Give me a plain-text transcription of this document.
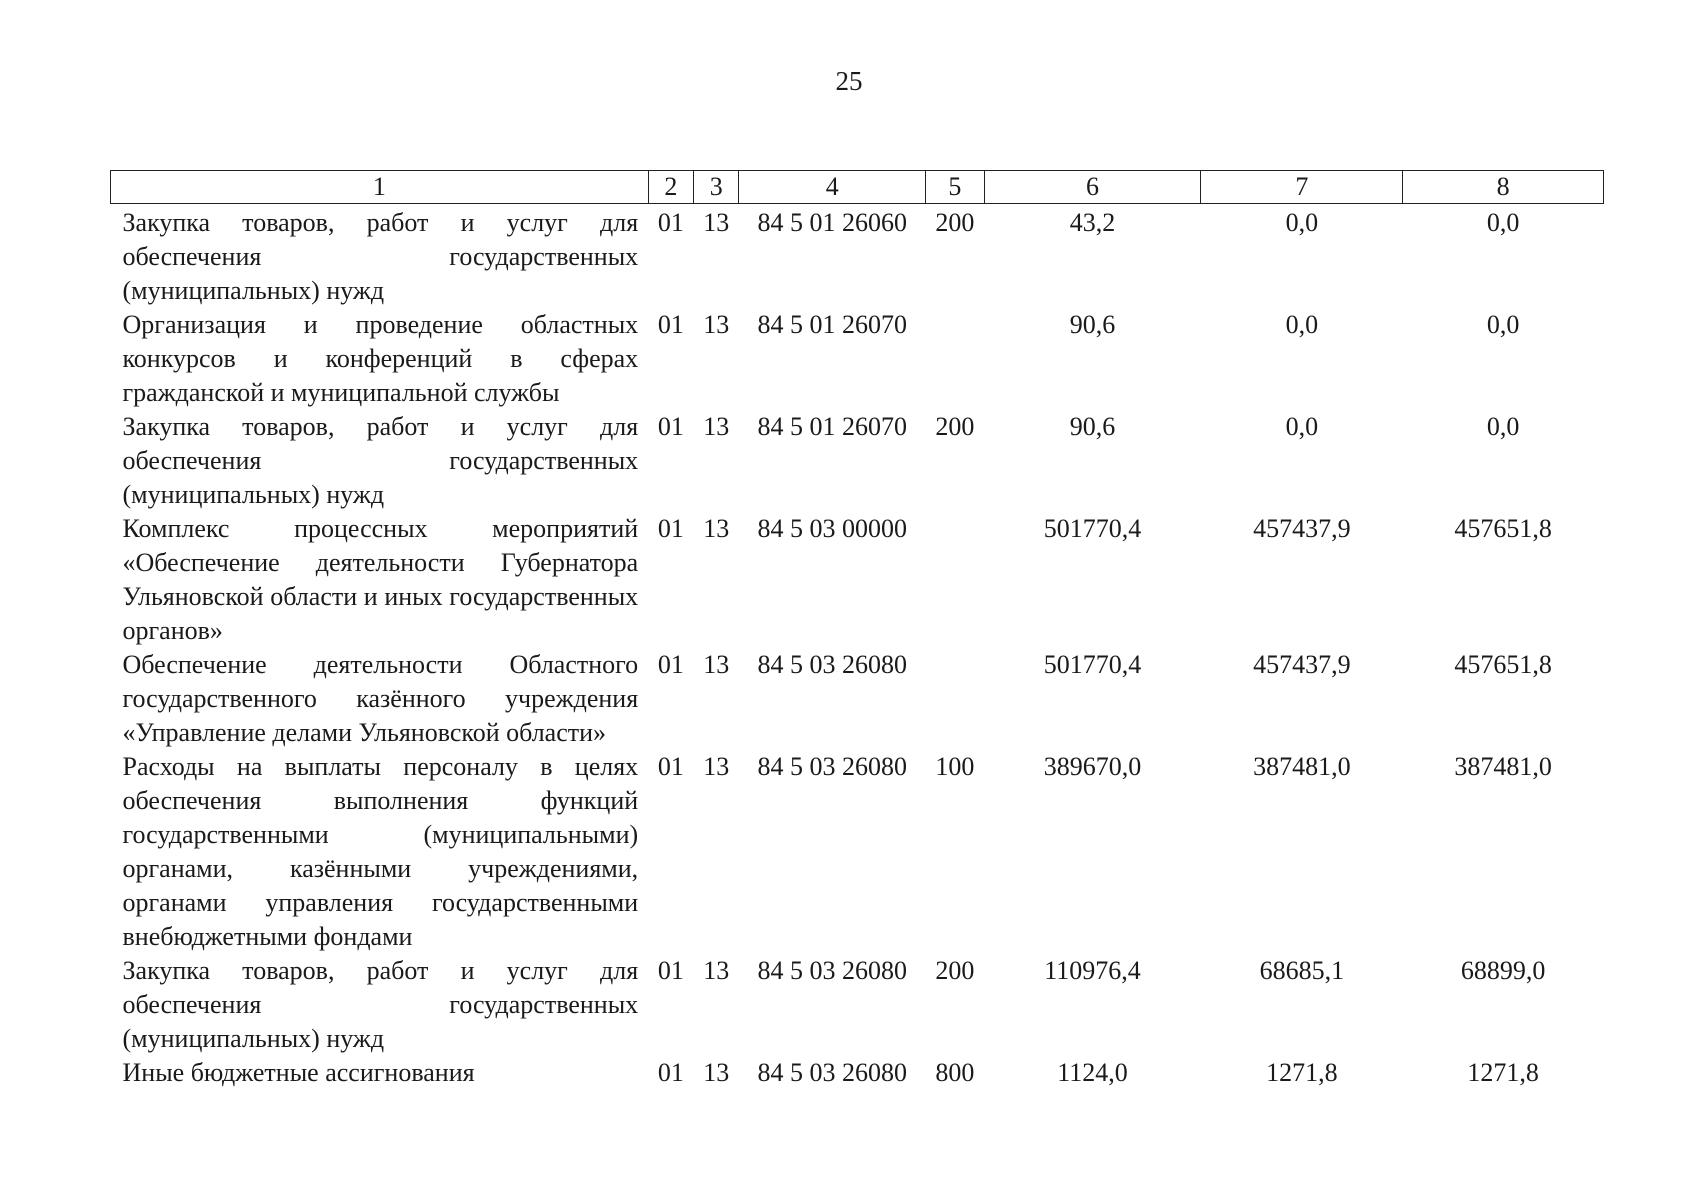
25
1	2	3	4	5	6	7	8
Закупка товаров, работ и услуг для обеспечения государственных (муниципальных) нужд	01	13	84 5 01 26060	200	43,2	0,0	0,0
Организация и проведение областных конкурсов и конференций в сферах гражданской и муниципальной службы	01	13	84 5 01 26070		90,6	0,0	0,0
Закупка товаров, работ и услуг для обеспечения государственных (муниципальных) нужд	01	13	84 5 01 26070	200	90,6	0,0	0,0
Комплекс процессных мероприятий «Обеспечение деятельности Губернатора Ульяновской области и иных государственных органов»	01	13	84 5 03 00000		501770,4	457437,9	457651,8
Обеспечение деятельности Областного государственного казённого учреждения «Управление делами Ульяновской области»	01	13	84 5 03 26080		501770,4	457437,9	457651,8
Расходы на выплаты персоналу в целях обеспечения выполнения функций государственными (муниципальными) органами, казёнными учреждениями, органами управления государственными внебюджетными фондами	01	13	84 5 03 26080	100	389670,0	387481,0	387481,0
Закупка товаров, работ и услуг для обеспечения государственных (муниципальных) нужд	01	13	84 5 03 26080	200	110976,4	68685,1	68899,0
Иные бюджетные ассигнования	01	13	84 5 03 26080	800	1124,0	1271,8	1271,8
